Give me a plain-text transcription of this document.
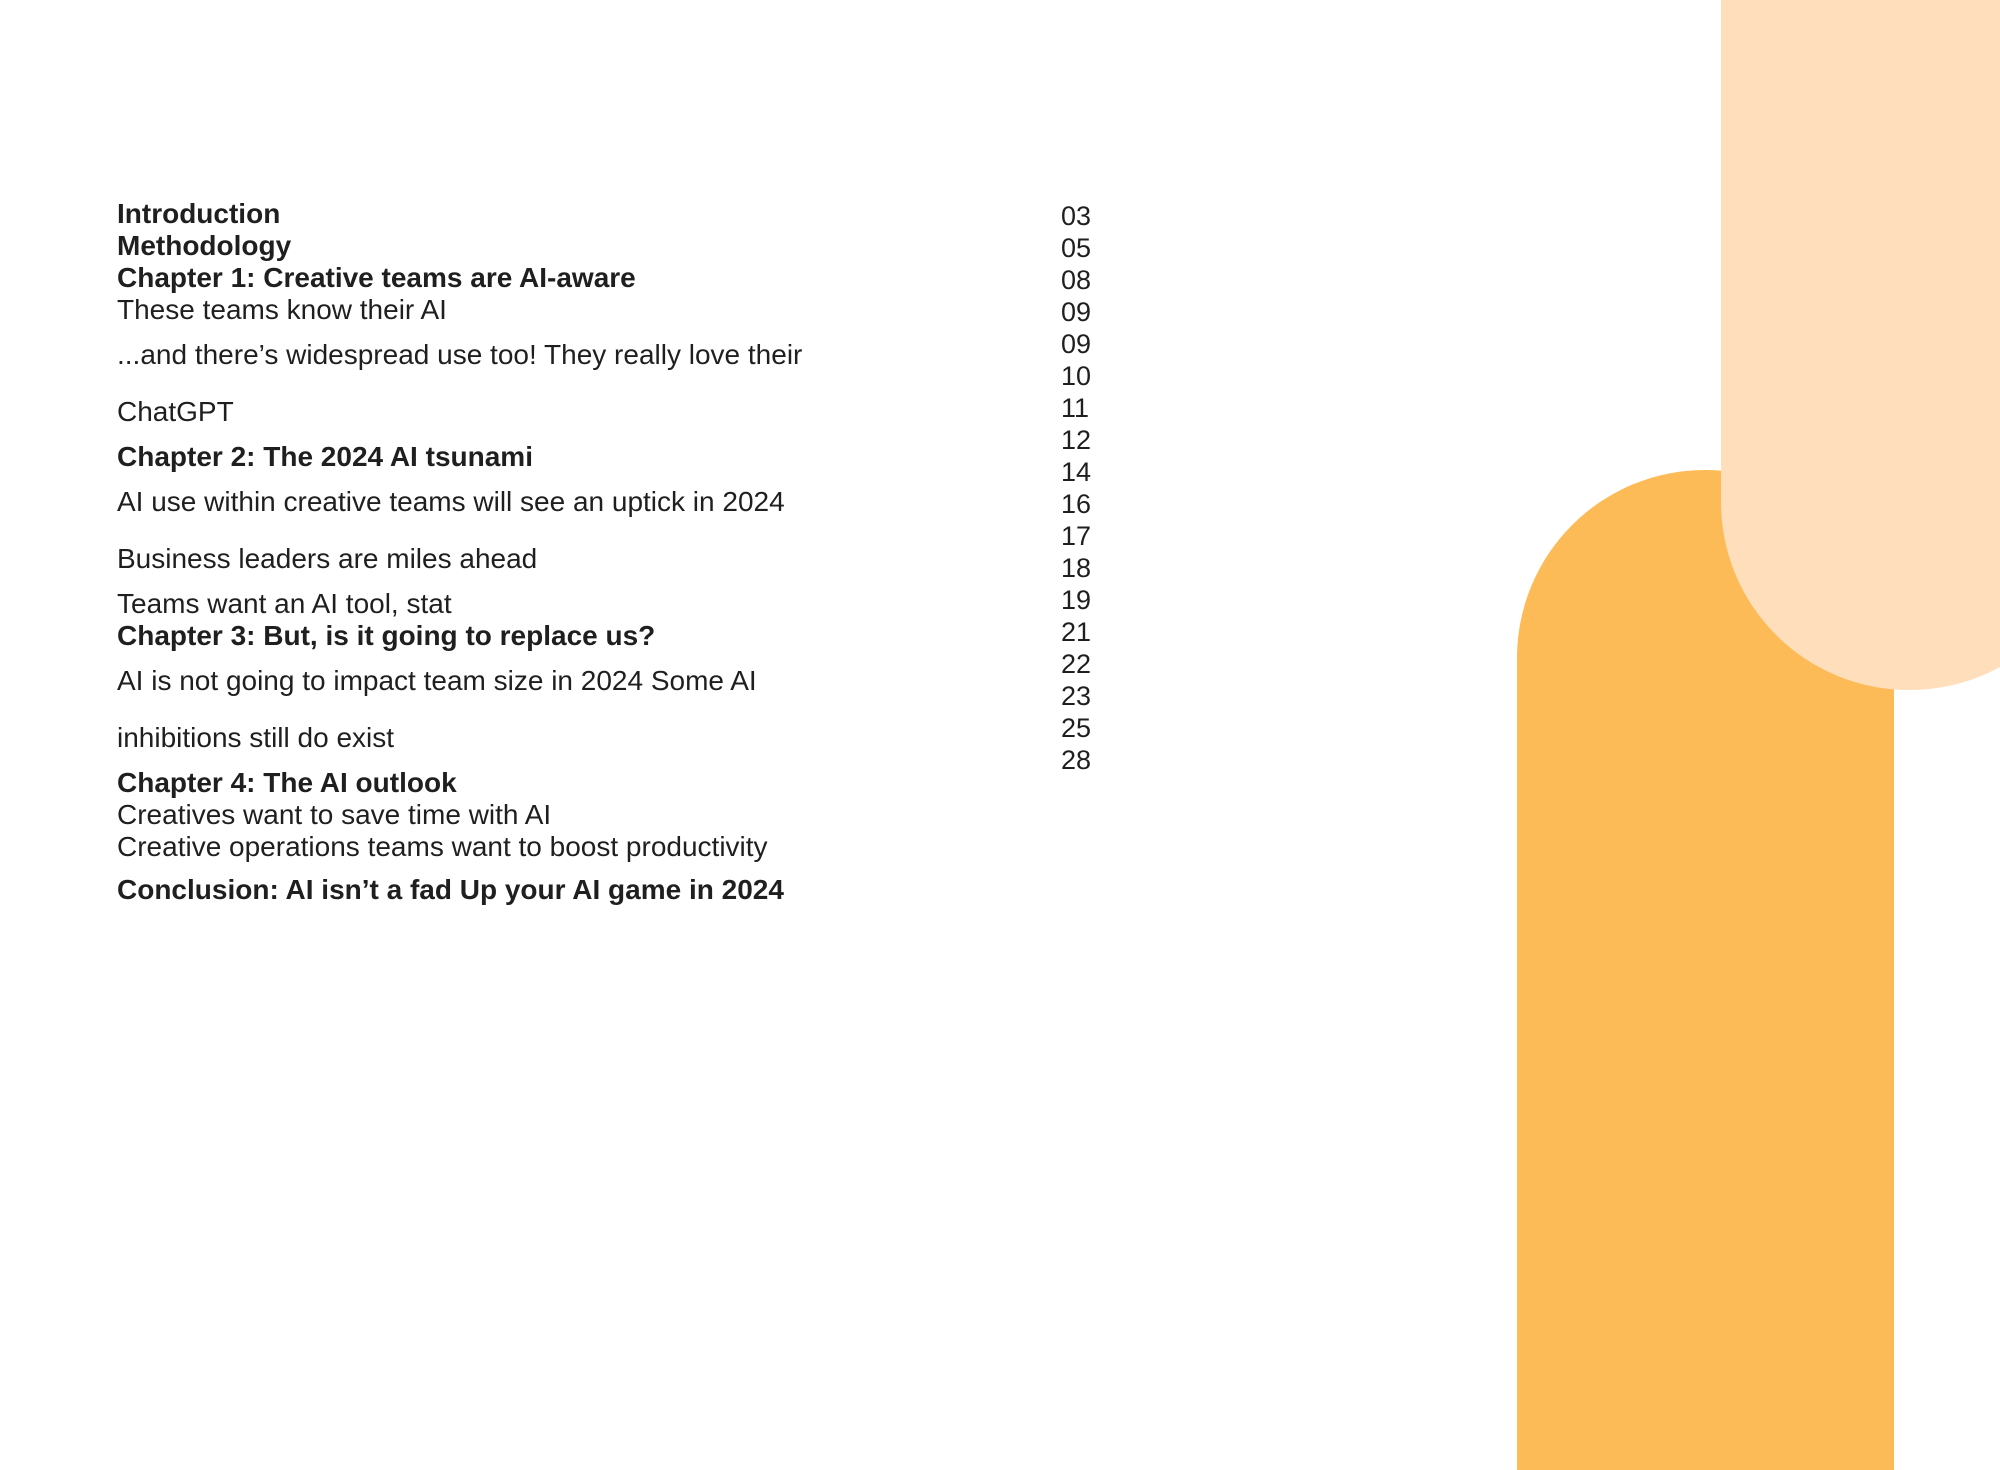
Introduction
Methodology
Chapter 1: Creative teams are AI-aware
These teams know their AI
...and there’s widespread use too! They really love their
ChatGPT
Chapter 2: The 2024 AI tsunami
AI use within creative teams will see an uptick in 2024
Business leaders are miles ahead
Teams want an AI tool, stat
Chapter 3: But, is it going to replace us?
AI is not going to impact team size in 2024 Some AI
inhibitions still do exist
Chapter 4: The AI outlook
Creatives want to save time with AI
Creative operations teams want to boost productivity
Conclusion: AI isn’t a fad Up your AI game in 2024
03
05
08
09
09
10
11
12
14
16
17
18
19
21
22
23
25
28
